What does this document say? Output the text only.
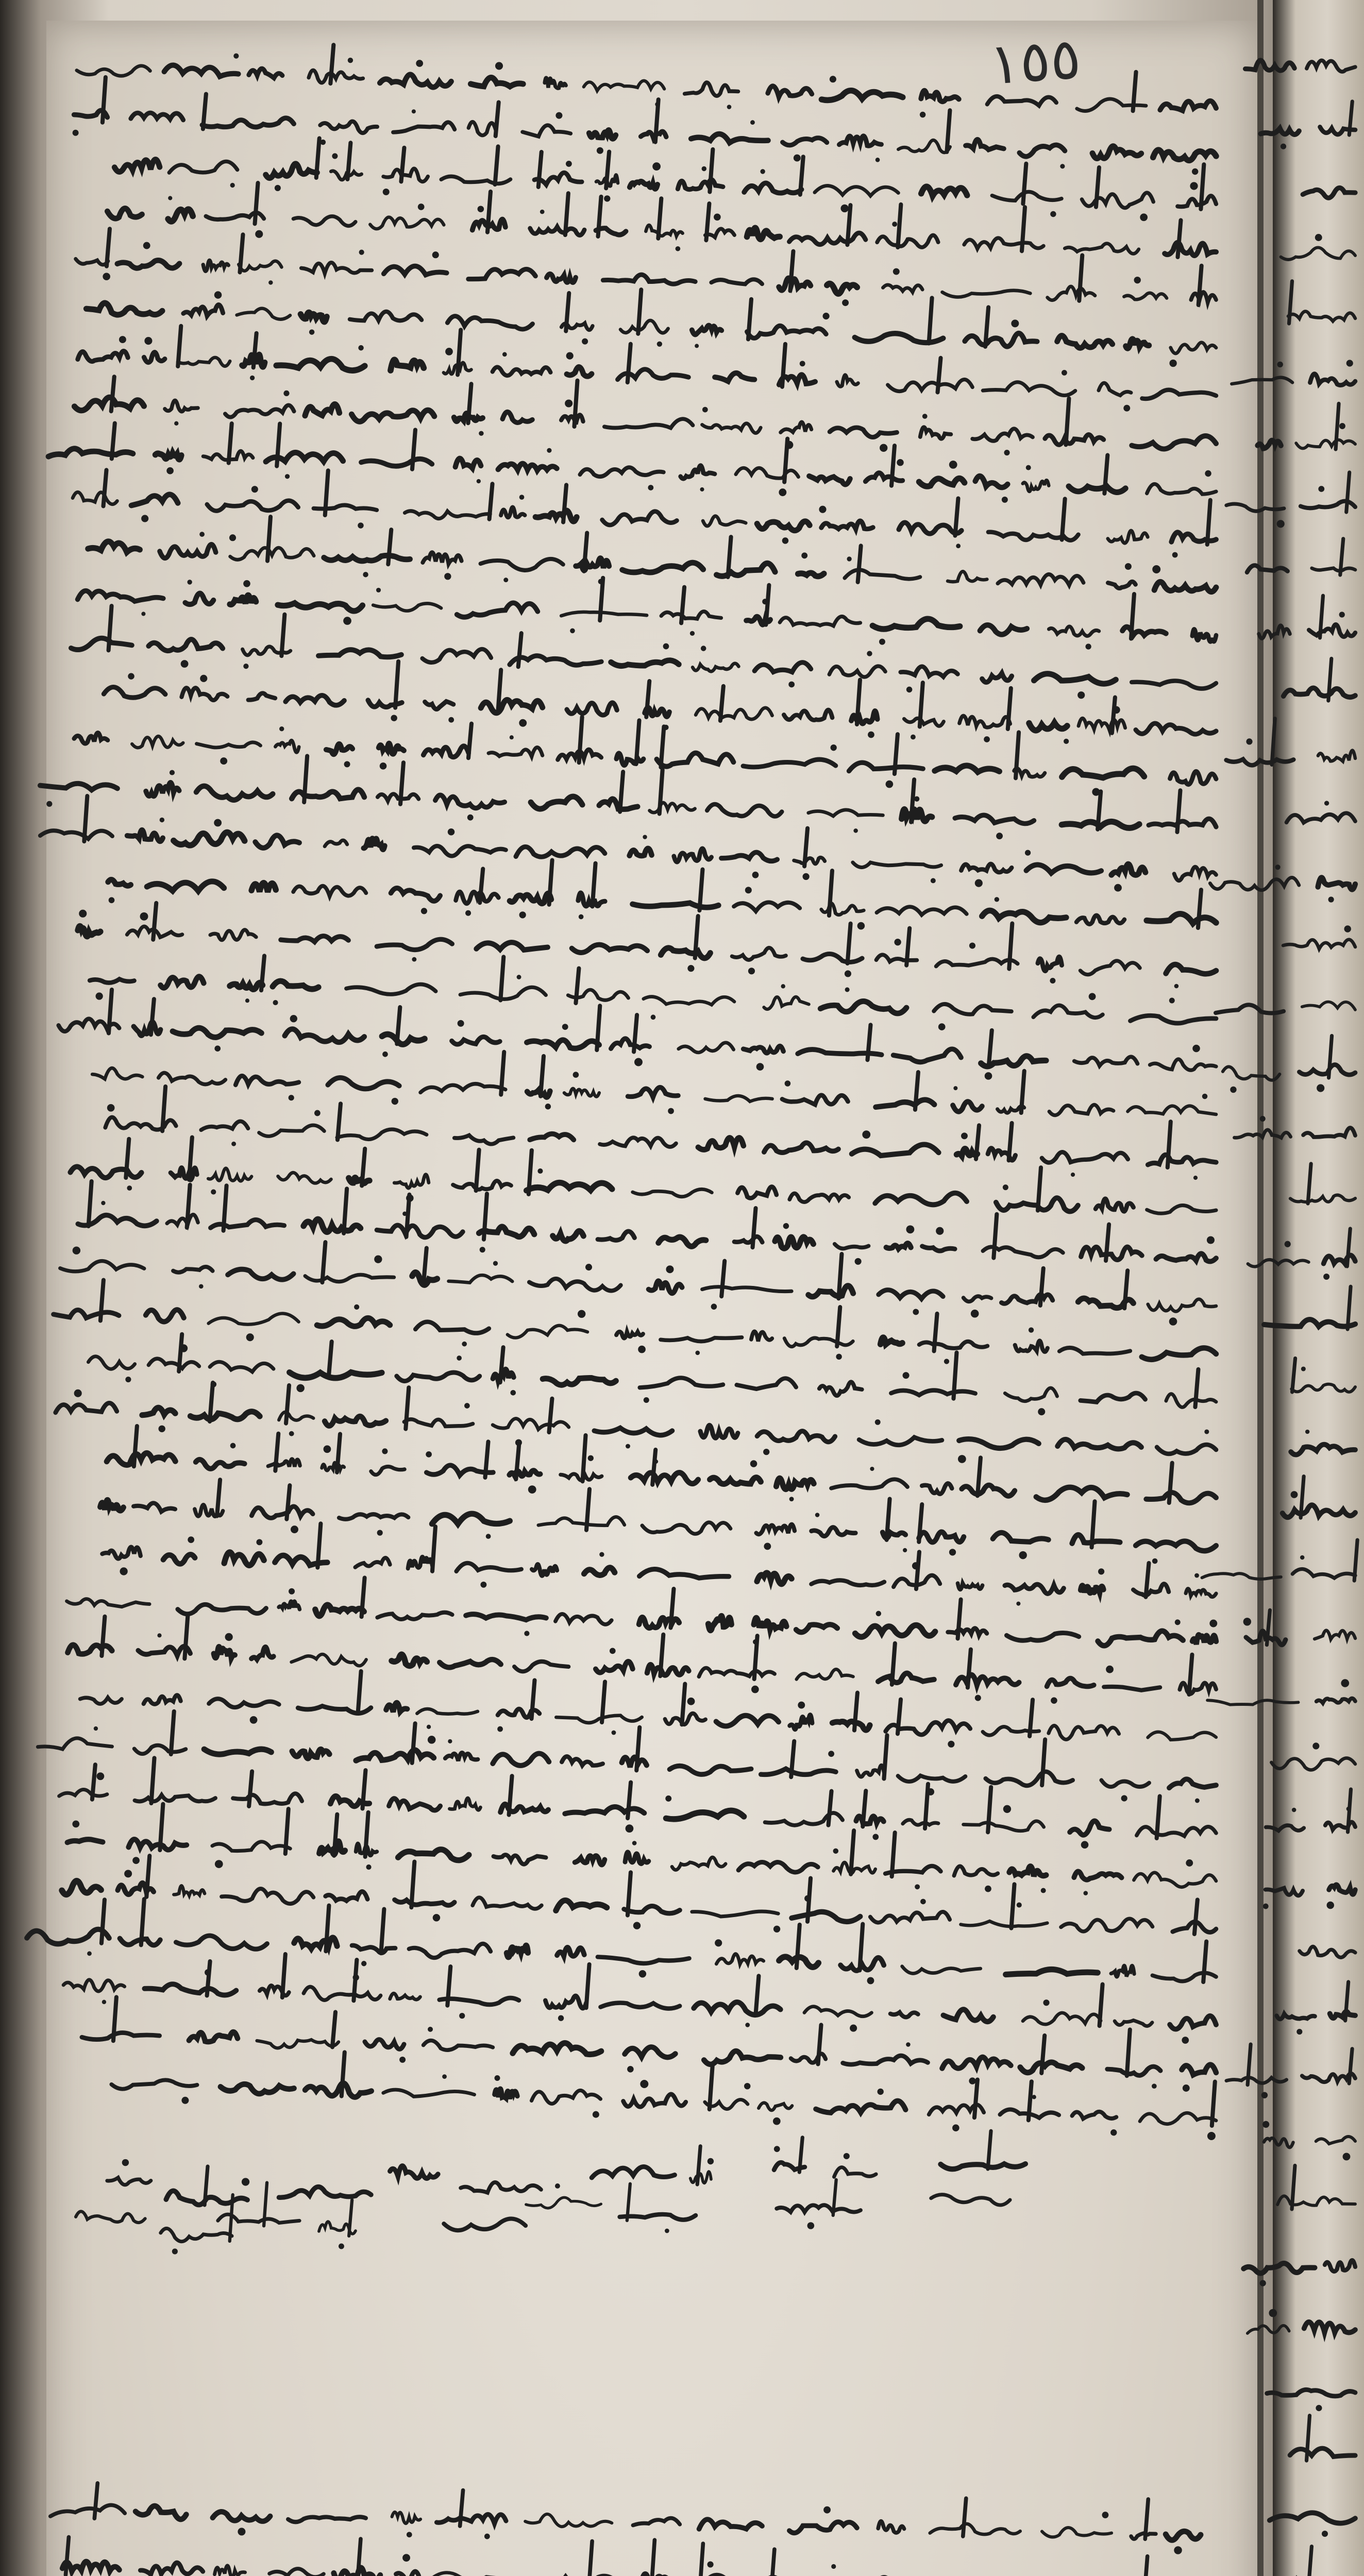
١٥٥
